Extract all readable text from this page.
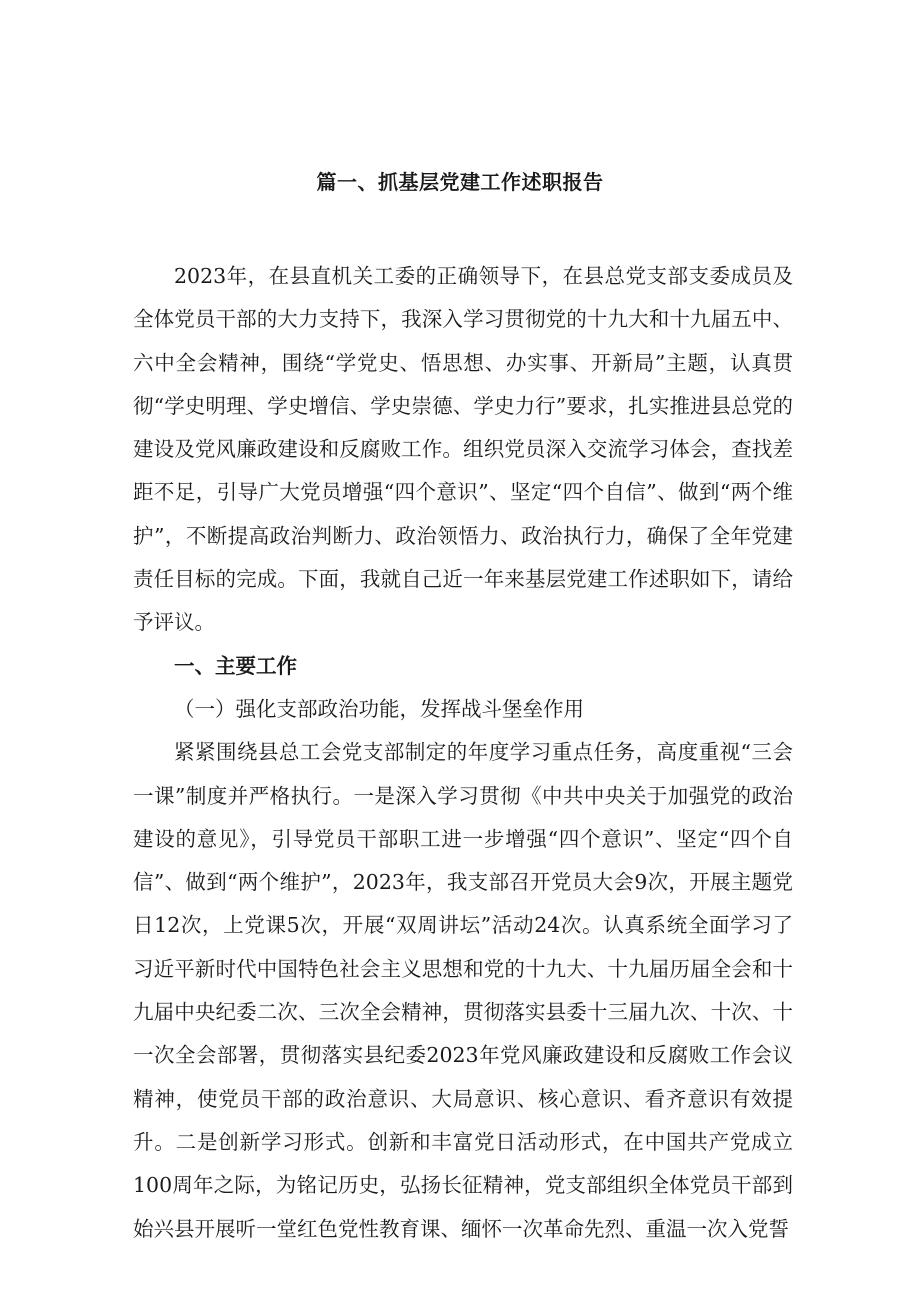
篇一、抓基层党建工作述职报告

2023年，在县直机关工委的正确领导下，在县总党支部支委成员及全体党员干部的大力支持下，我深入学习贯彻党的十九大和十九届五中、六中全会精神，围绕“学党史、悟思想、办实事、开新局”主题，认真贯彻“学史明理、学史增信、学史崇德、学史力行”要求，扎实推进县总党的建设及党风廉政建设和反腐败工作。组织党员深入交流学习体会，查找差距不足，引导广大党员增强“四个意识”、坚定“四个自信”、做到“两个维护”，不断提高政治判断力、政治领悟力、政治执行力，确保了全年党建责任目标的完成。下面，我就自己近一年来基层党建工作述职如下，请给予评议。

一、主要工作

（一）强化支部政治功能，发挥战斗堡垒作用

紧紧围绕县总工会党支部制定的年度学习重点任务，高度重视“三会一课”制度并严格执行。一是深入学习贯彻《中共中央关于加强党的政治建设的意见》，引导党员干部职工进一步增强“四个意识”、坚定“四个自信”、做到“两个维护”，2023年，我支部召开党员大会9次，开展主题党日12次，上党课5次，开展“双周讲坛”活动24次。认真系统全面学习了习近平新时代中国特色社会主义思想和党的十九大、十九届历届全会和十九届中央纪委二次、三次全会精神，贯彻落实县委十三届九次、十次、十一次全会部署，贯彻落实县纪委2023年党风廉政建设和反腐败工作会议精神，使党员干部的政治意识、大局意识、核心意识、看齐意识有效提升。二是创新学习形式。创新和丰富党日活动形式，在中国共产党成立100周年之际，为铭记历史，弘扬长征精神，党支部组织全体党员干部到始兴县开展听一堂红色党性教育课、缅怀一次革命先烈、重温一次入党誓
